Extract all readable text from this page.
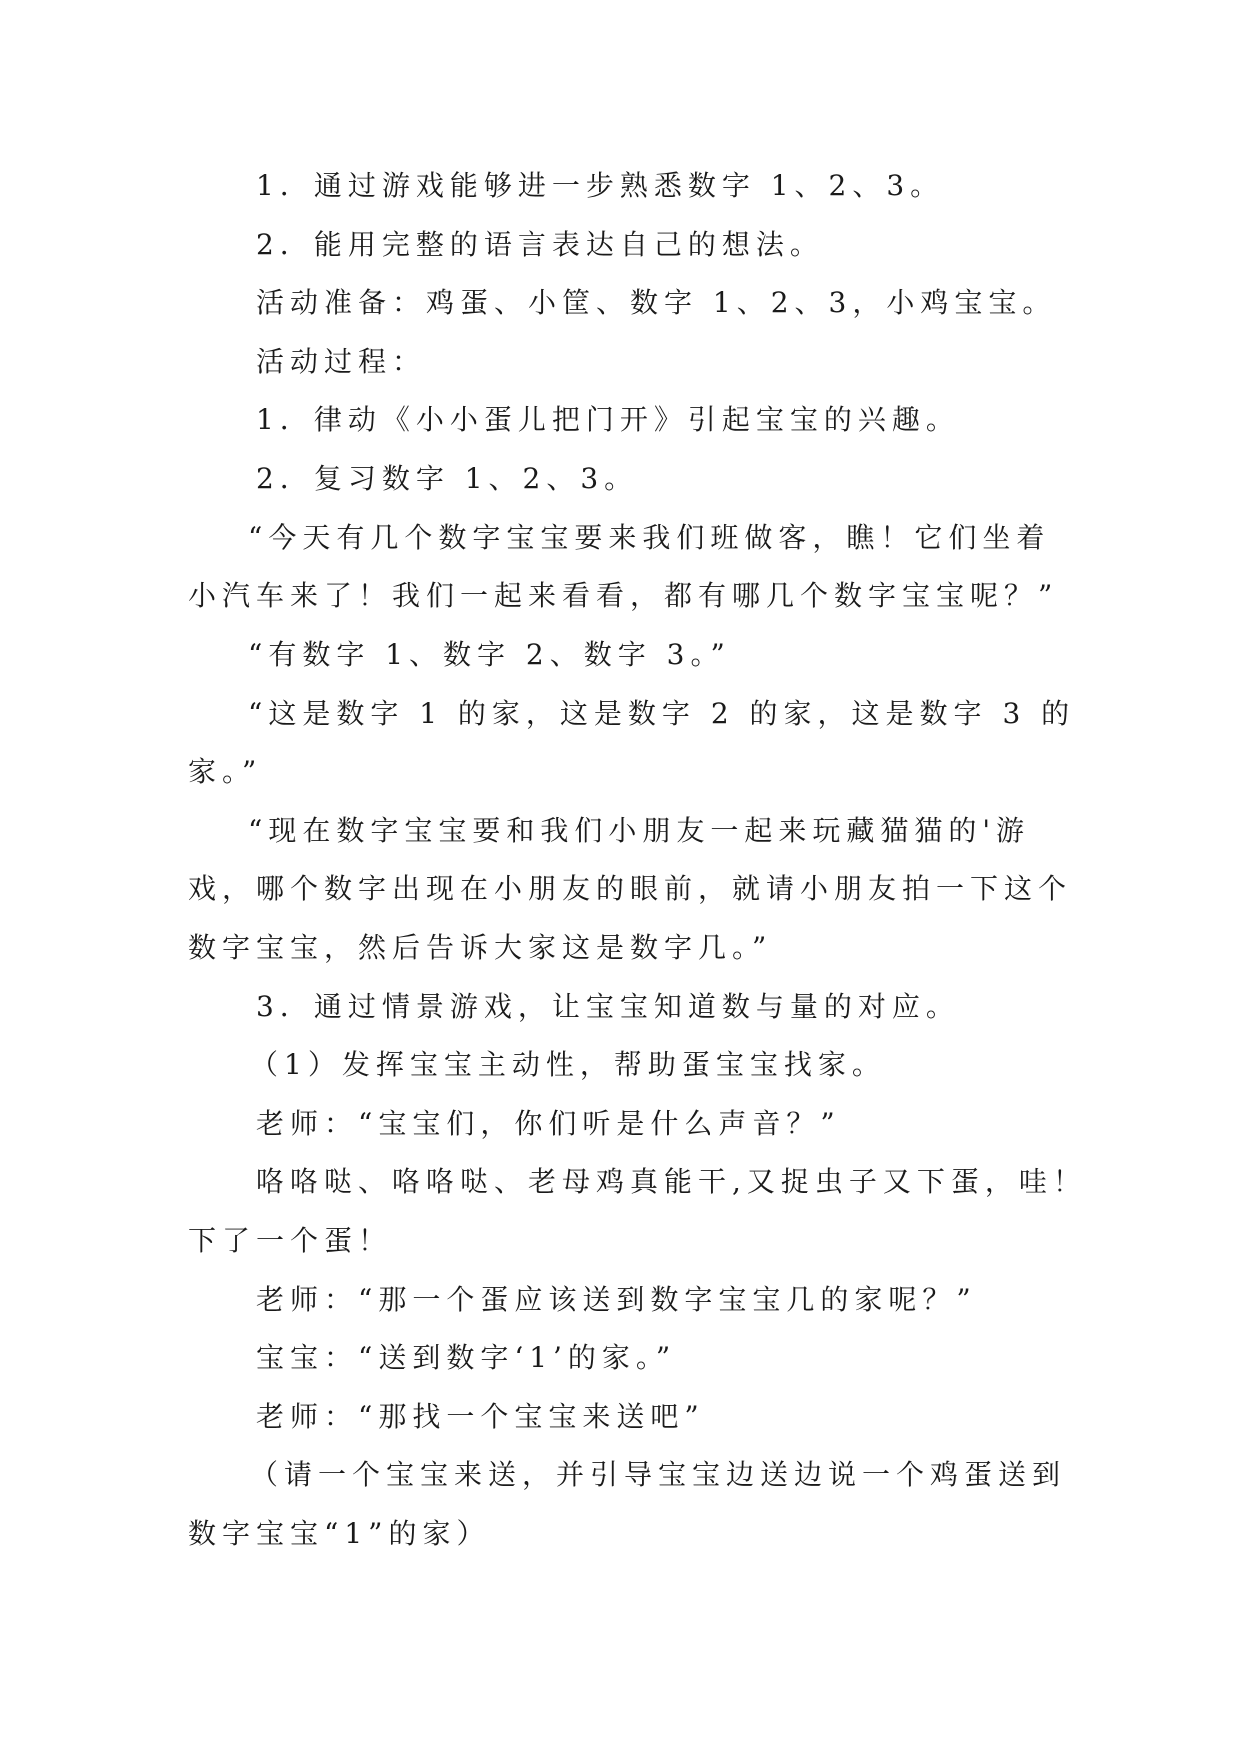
1．通过游戏能够进一步熟悉数字 1、2、3。

2．能用完整的语言表达自己的想法。

活动准备：鸡蛋、小筐、数字 1、2、3，小鸡宝宝。

活动过程：

1．律动《小小蛋儿把门开》引起宝宝的兴趣。

2．复习数字 1、2、3。

“今天有几个数字宝宝要来我们班做客，瞧！它们坐着

小汽车来了！我们一起来看看，都有哪几个数字宝宝呢？”

“有数字 1、数字 2、数字 3。”

“这是数字 1 的家，这是数字 2 的家，这是数字 3 的

家。”

“现在数字宝宝要和我们小朋友一起来玩藏猫猫的'游

戏，哪个数字出现在小朋友的眼前，就请小朋友拍一下这个

数字宝宝，然后告诉大家这是数字几。”

3．通过情景游戏，让宝宝知道数与量的对应。

（1）发挥宝宝主动性，帮助蛋宝宝找家。

老师：“宝宝们，你们听是什么声音？”

咯咯哒、咯咯哒、老母鸡真能干,又捉虫子又下蛋，哇！

下了一个蛋！

老师：“那一个蛋应该送到数字宝宝几的家呢？”

宝宝：“送到数字‘1’的家。”

老师：“那找一个宝宝来送吧”

（请一个宝宝来送，并引导宝宝边送边说一个鸡蛋送到

数字宝宝“1”的家）
